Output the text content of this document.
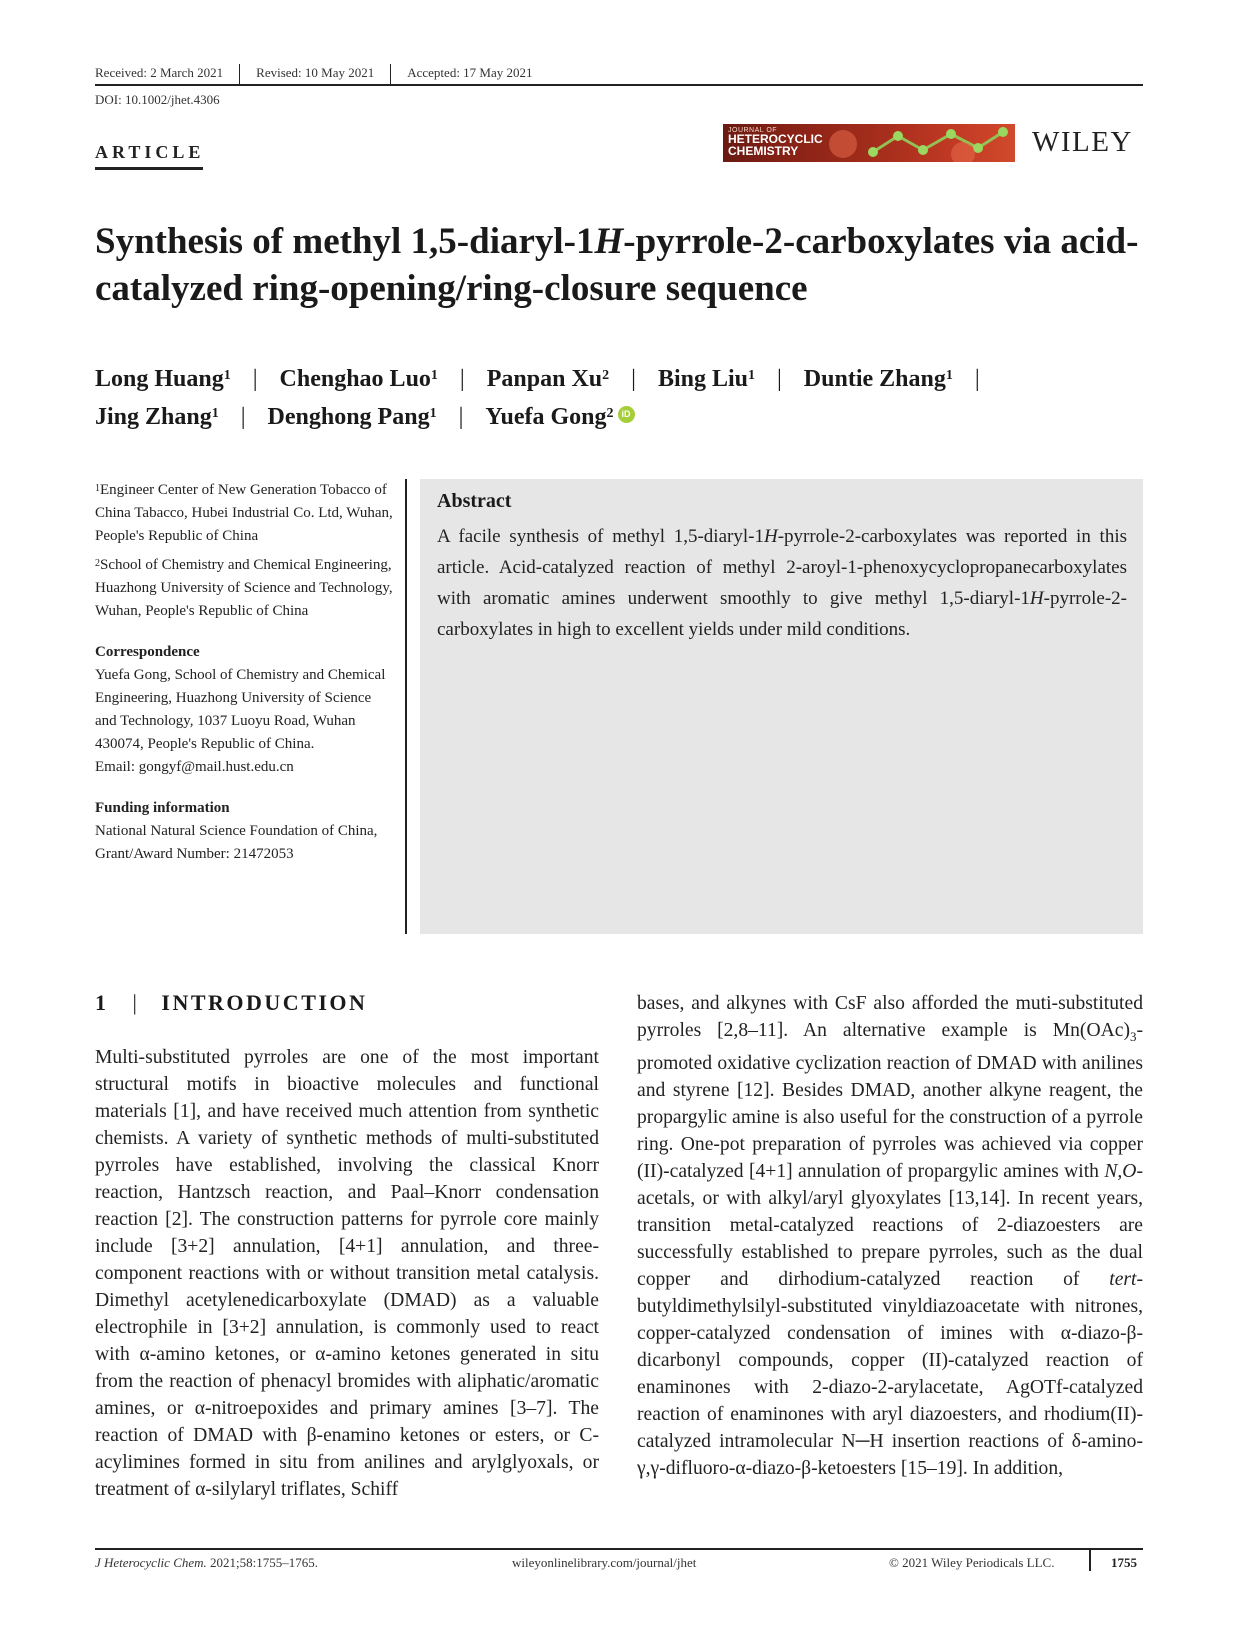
Received: 2 March 2021	Revised: 10 May 2021	Accepted: 17 May 2021
DOI: 10.1002/jhet.4306
ARTICLE
JOURNAL OF
HETEROCYCLIC
CHEMISTRY	WILEY
Synthesis of methyl 1,5-diaryl-1H-pyrrole-2-carboxylates via acid-catalyzed ring-opening/ring-closure sequence
Long Huang$^1$ | Chenghao Luo$^1$ | Panpan Xu$^2$ | Bing Liu$^1$ | Duntie Zhang$^1$ |
Jing Zhang$^1$ | Denghong Pang$^1$ | Yuefa Gong$^2$ iD

$^1$Engineer Center of New Generation Tobacco of China Tabacco, Hubei Industrial Co. Ltd, Wuhan, People's Republic of China

$^2$School of Chemistry and Chemical Engineering, Huazhong University of Science and Technology, Wuhan, People's Republic of China

Correspondence

Yuefa Gong, School of Chemistry and Chemical Engineering, Huazhong University of Science and Technology, 1037 Luoyu Road, Wuhan 430074, People's Republic of China.

Email: gongyf@mail.hust.edu.cn

Funding information

National Natural Science Foundation of China, Grant/Award Number: 21472053

Abstract
A facile synthesis of methyl 1,5-diaryl-1H-pyrrole-2-carboxylates was reported in this article. Acid-catalyzed reaction of methyl 2-aroyl-1-phenoxycyclopropanecarboxylates with aromatic amines underwent smoothly to give methyl 1,5-diaryl-1H-pyrrole-2-carboxylates in high to excellent yields under mild conditions.
1 | INTRODUCTION

Multi-substituted pyrroles are one of the most important structural motifs in bioactive molecules and functional materials [1], and have received much attention from synthetic chemists. A variety of synthetic methods of multi-substituted pyrroles have established, involving the classical Knorr reaction, Hantzsch reaction, and Paal–Knorr condensation reaction [2]. The construction patterns for pyrrole core mainly include [3+2] annulation, [4+1] annulation, and three-component reactions with or without transition metal catalysis. Dimethyl acetylenedicarboxylate (DMAD) as a valuable electrophile in [3+2] annulation, is commonly used to react with α-amino ketones, or α-amino ketones generated in situ from the reaction of phenacyl bromides with aliphatic/aromatic amines, or α-nitroepoxides and primary amines [3–7]. The reaction of DMAD with β-enamino ketones or esters, or C-acylimines formed in situ from anilines and arylglyoxals, or treatment of α-silylaryl triflates, Schiff

bases, and alkynes with CsF also afforded the muti-substituted pyrroles [2,8–11]. An alternative example is $Mn(OAc)_3$-promoted oxidative cyclization reaction of DMAD with anilines and styrene [12]. Besides DMAD, another alkyne reagent, the propargylic amine is also useful for the construction of a pyrrole ring. One-pot preparation of pyrroles was achieved via copper (II)-catalyzed [4+1] annulation of propargylic amines with N,O-acetals, or with alkyl/aryl glyoxylates [13,14]. In recent years, transition metal-catalyzed reactions of 2-diazoesters are successfully established to prepare pyrroles, such as the dual copper and dirhodium-catalyzed reaction of tert-butyldimethylsilyl-substituted vinyldiazoacetate with nitrones, copper-catalyzed condensation of imines with α-diazo-β-dicarbonyl compounds, copper (II)-catalyzed reaction of enaminones with 2-diazo-2-arylacetate, AgOTf-catalyzed reaction of enaminones with aryl diazoesters, and rhodium(II)-catalyzed intramolecular N─H insertion reactions of δ-amino-γ,γ-difluoro-α-diazo-β-ketoesters [15–19]. In addition,

J Heterocyclic Chem. 2021;58:1755–1765.	wileyonlinelibrary.com/journal/jhet	© 2021 Wiley Periodicals LLC.	1755
